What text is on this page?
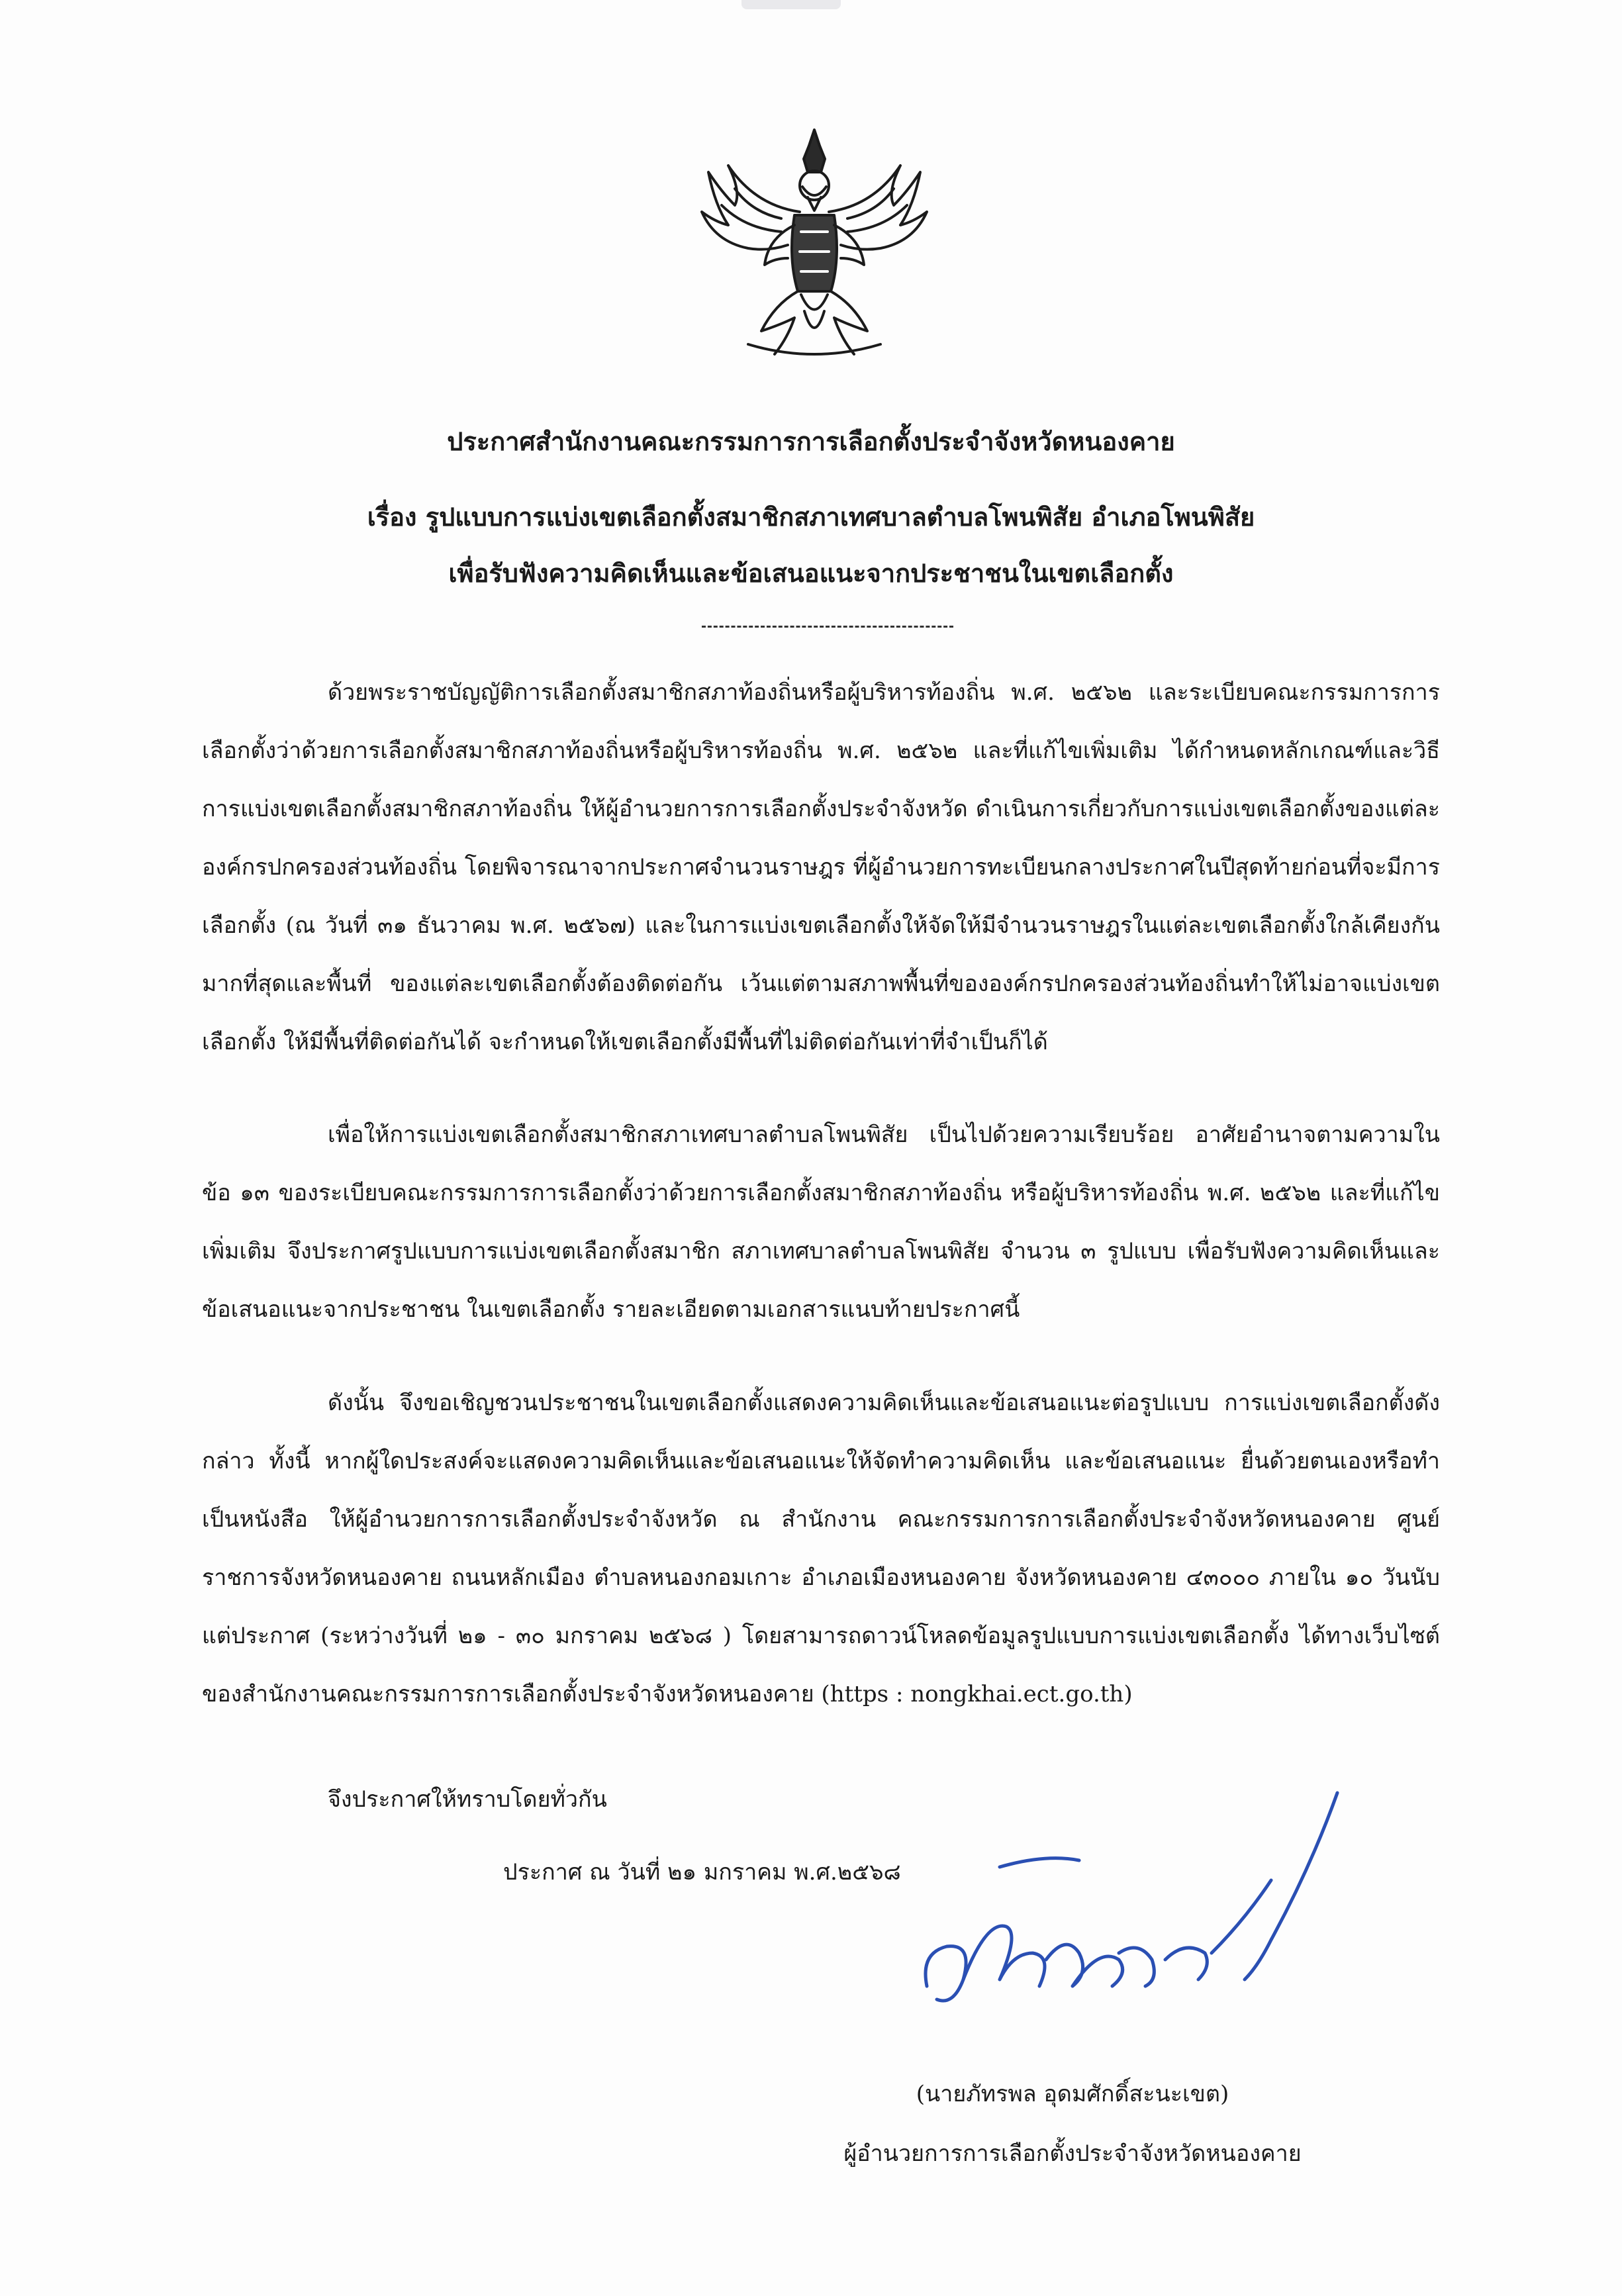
ประกาศสำนักงานคณะกรรมการการเลือกตั้งประจำจังหวัดหนองคาย
เรื่อง รูปแบบการแบ่งเขตเลือกตั้งสมาชิกสภาเทศบาลตำบลโพนพิสัย อำเภอโพนพิสัย
เพื่อรับฟังความคิดเห็นและข้อเสนอแนะจากประชาชนในเขตเลือกตั้ง

ด้วยพระราชบัญญัติการเลือกตั้งสมาชิกสภาท้องถิ่นหรือผู้บริหารท้องถิ่น พ.ศ. ๒๕๖๒ และระเบียบคณะกรรมการการเลือกตั้งว่าด้วยการเลือกตั้งสมาชิกสภาท้องถิ่นหรือผู้บริหารท้องถิ่น พ.ศ. ๒๕๖๒ และที่แก้ไขเพิ่มเติม ได้กำหนดหลักเกณฑ์และวิธีการแบ่งเขตเลือกตั้งสมาชิกสภาท้องถิ่น ให้ผู้อำนวยการการเลือกตั้งประจำจังหวัด ดำเนินการเกี่ยวกับการแบ่งเขตเลือกตั้งของแต่ละองค์กรปกครองส่วนท้องถิ่น โดยพิจารณาจากประกาศจำนวนราษฎร ที่ผู้อำนวยการทะเบียนกลางประกาศในปีสุดท้ายก่อนที่จะมีการเลือกตั้ง (ณ วันที่ ๓๑ ธันวาคม พ.ศ. ๒๕๖๗) และในการแบ่งเขตเลือกตั้งให้จัดให้มีจำนวนราษฎรในแต่ละเขตเลือกตั้งใกล้เคียงกันมากที่สุดและพื้นที่ ของแต่ละเขตเลือกตั้งต้องติดต่อกัน เว้นแต่ตามสภาพพื้นที่ขององค์กรปกครองส่วนท้องถิ่นทำให้ไม่อาจแบ่งเขตเลือกตั้ง ให้มีพื้นที่ติดต่อกันได้ จะกำหนดให้เขตเลือกตั้งมีพื้นที่ไม่ติดต่อกันเท่าที่จำเป็นก็ได้

เพื่อให้การแบ่งเขตเลือกตั้งสมาชิกสภาเทศบาลตำบลโพนพิสัย เป็นไปด้วยความเรียบร้อย อาศัยอำนาจตามความในข้อ ๑๓ ของระเบียบคณะกรรมการการเลือกตั้งว่าด้วยการเลือกตั้งสมาชิกสภาท้องถิ่น หรือผู้บริหารท้องถิ่น พ.ศ. ๒๕๖๒ และที่แก้ไขเพิ่มเติม จึงประกาศรูปแบบการแบ่งเขตเลือกตั้งสมาชิก สภาเทศบาลตำบลโพนพิสัย จำนวน ๓ รูปแบบ เพื่อรับฟังความคิดเห็นและข้อเสนอแนะจากประชาชน ในเขตเลือกตั้ง รายละเอียดตามเอกสารแนบท้ายประกาศนี้

ดังนั้น จึงขอเชิญชวนประชาชนในเขตเลือกตั้งแสดงความคิดเห็นและข้อเสนอแนะต่อรูปแบบ การแบ่งเขตเลือกตั้งดังกล่าว ทั้งนี้ หากผู้ใดประสงค์จะแสดงความคิดเห็นและข้อเสนอแนะให้จัดทำความคิดเห็น และข้อเสนอแนะ ยื่นด้วยตนเองหรือทำเป็นหนังสือ ให้ผู้อำนวยการการเลือกตั้งประจำจังหวัด ณ สำนักงาน คณะกรรมการการเลือกตั้งประจำจังหวัดหนองคาย ศูนย์ราชการจังหวัดหนองคาย ถนนหลักเมือง ตำบลหนองกอมเกาะ อำเภอเมืองหนองคาย จังหวัดหนองคาย ๔๓๐๐๐ ภายใน ๑๐ วันนับแต่ประกาศ (ระหว่างวันที่ ๒๑ - ๓๐ มกราคม ๒๕๖๘ ) โดยสามารถดาวน์โหลดข้อมูลรูปแบบการแบ่งเขตเลือกตั้ง ได้ทางเว็บไซต์ ของสำนักงานคณะกรรมการการเลือกตั้งประจำจังหวัดหนองคาย (https : nongkhai.ect.go.th)

จึงประกาศให้ทราบโดยทั่วกัน
ประกาศ ณ วันที่ ๒๑ มกราคม พ.ศ.๒๕๖๘
(นายภัทรพล อุดมศักดิ์สะนะเขต)
ผู้อำนวยการการเลือกตั้งประจำจังหวัดหนองคาย
